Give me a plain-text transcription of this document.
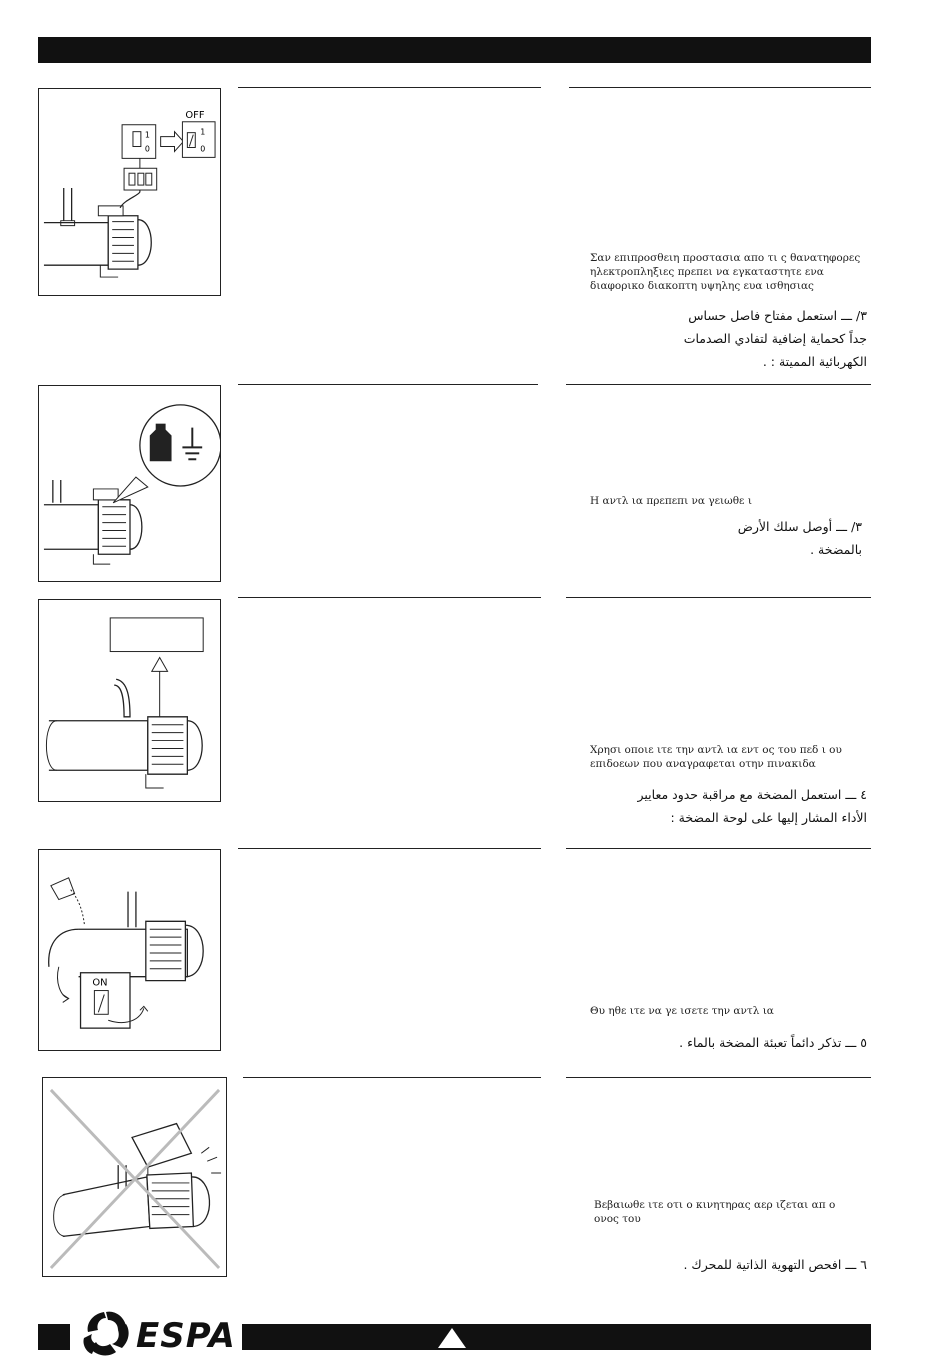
1
0
OFF
1
0
Σαν επιπροσθειη προστασια απο τι ς θανατηφορες
ηλεκτροπληξιες πρεπει να εγκαταστητε ενα
διαφορικο διακοπτη υψηλης ευα ισθησιας
٣/ ـــ استعمل مفتاح فاصل حساس
جداً كحماية إضافية لتفادي الصدمات
الكهربائية المميتة : .
Η αντλ ια πρεπεπι να γειωθε ι
٣/ ـــ أوصل سلك الأرض
بالمضخة .
Χρησι οποιε ιτε την αντλ ια εντ ος του πεδ ι ου
επιδοεων που αναγραφεται οτην πινακιδα
٤ ـــ استعمل المضخة مع مراقبة حدود معايير
الأداء المشار إليها على لوحة المضخة :
ON
Θυ ηθε ιτε να γε ισετε την αντλ ια
٥ ـــ تذكر دائماً تعبئة المضخة بالماء .
Βεβαιωθε ιτε οτι ο κινητηρας αερ ιζεται απ ο
ονος του
٦ ـــ افحص التهوية الذاتية للمحرك .
ESPA
